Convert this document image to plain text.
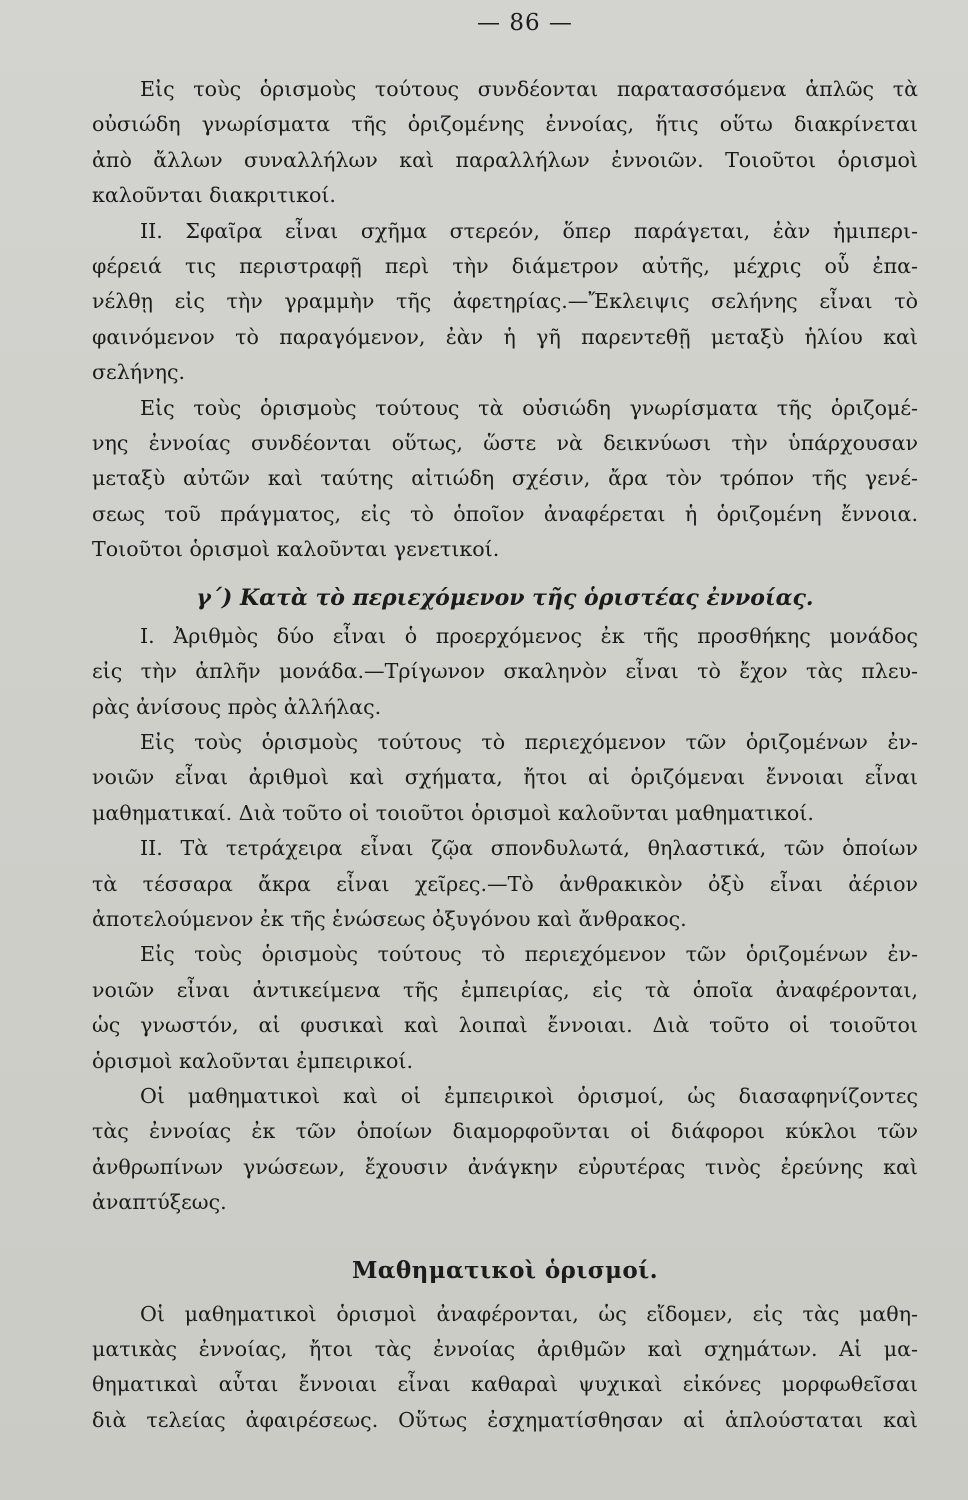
— 86 —

Εἰς τοὺς ὁρισμοὺς τούτους συνδέονται παρατασσόμενα ἁπλῶς τὰ
οὐσιώδη γνωρίσματα τῆς ὁριζομένης ἐννοίας, ἥτις οὕτω διακρίνεται
ἀπὸ ἄλλων συναλλήλων καὶ παραλλήλων ἐννοιῶν. Τοιοῦτοι ὁρισμοὶ
καλοῦνται διακριτικοί.

II. Σφαῖρα εἶναι σχῆμα στερεόν, ὅπερ παράγεται, ἐὰν ἡμιπερι-
φέρειά τις περιστραφῇ περὶ τὴν διάμετρον αὐτῆς, μέχρις οὗ ἐπα-
νέλθῃ εἰς τὴν γραμμὴν τῆς ἀφετηρίας.—Ἔκλειψις σελήνης εἶναι τὸ
φαινόμενον τὸ παραγόμενον, ἐὰν ἡ γῆ παρεντεθῇ μεταξὺ ἡλίου καὶ
σελήνης.

Εἰς τοὺς ὁρισμοὺς τούτους τὰ οὐσιώδη γνωρίσματα τῆς ὁριζομέ-
νης ἐννοίας συνδέονται οὕτως, ὥστε νὰ δεικνύωσι τὴν ὑπάρχουσαν
μεταξὺ αὐτῶν καὶ ταύτης αἰτιώδη σχέσιν, ἄρα τὸν τρόπον τῆς γενέ-
σεως τοῦ πράγματος, εἰς τὸ ὁποῖον ἀναφέρεται ἡ ὁριζομένη ἔννοια.
Τοιοῦτοι ὁρισμοὶ καλοῦνται γενετικοί.

γ΄) Κατὰ τὸ περιεχόμενον τῆς ὁριστέας ἐννοίας.

I. Ἀριθμὸς δύο εἶναι ὁ προερχόμενος ἐκ τῆς προσθήκης μονάδος
εἰς τὴν ἁπλῆν μονάδα.—Τρίγωνον σκαληνὸν εἶναι τὸ ἔχον τὰς πλευ-
ρὰς ἀνίσους πρὸς ἀλλήλας.

Εἰς τοὺς ὁρισμοὺς τούτους τὸ περιεχόμενον τῶν ὁριζομένων ἐν-
νοιῶν εἶναι ἀριθμοὶ καὶ σχήματα, ἤτοι αἱ ὁριζόμεναι ἔννοιαι εἶναι
μαθηματικαί. Διὰ τοῦτο οἱ τοιοῦτοι ὁρισμοὶ καλοῦνται μαθηματικοί.

II. Τὰ τετράχειρα εἶναι ζῷα σπονδυλωτά, θηλαστικά, τῶν ὁποίων
τὰ τέσσαρα ἄκρα εἶναι χεῖρες.—Τὸ ἀνθρακικὸν ὀξὺ εἶναι ἀέριον
ἀποτελούμενον ἐκ τῆς ἑνώσεως ὀξυγόνου καὶ ἄνθρακος.

Εἰς τοὺς ὁρισμοὺς τούτους τὸ περιεχόμενον τῶν ὁριζομένων ἐν-
νοιῶν εἶναι ἀντικείμενα τῆς ἐμπειρίας, εἰς τὰ ὁποῖα ἀναφέρονται,
ὡς γνωστόν, αἱ φυσικαὶ καὶ λοιπαὶ ἔννοιαι. Διὰ τοῦτο οἱ τοιοῦτοι
ὁρισμοὶ καλοῦνται ἐμπειρικοί.

Οἱ μαθηματικοὶ καὶ οἱ ἐμπειρικοὶ ὁρισμοί, ὡς διασαφηνίζοντες
τὰς ἐννοίας ἐκ τῶν ὁποίων διαμορφοῦνται οἱ διάφοροι κύκλοι τῶν
ἀνθρωπίνων γνώσεων, ἔχουσιν ἀνάγκην εὐρυτέρας τινὸς ἐρεύνης καὶ
ἀναπτύξεως.

Μαθηματικοὶ ὁρισμοί.

Οἱ μαθηματικοὶ ὁρισμοὶ ἀναφέρονται, ὡς εἴδομεν, εἰς τὰς μαθη-
ματικὰς ἐννοίας, ἤτοι τὰς ἐννοίας ἀριθμῶν καὶ σχημάτων. Αἱ μα-
θηματικαὶ αὗται ἔννοιαι εἶναι καθαραὶ ψυχικαὶ εἰκόνες μορφωθεῖσαι
διὰ τελείας ἀφαιρέσεως. Οὕτως ἐσχηματίσθησαν αἱ ἁπλούσταται καὶ
